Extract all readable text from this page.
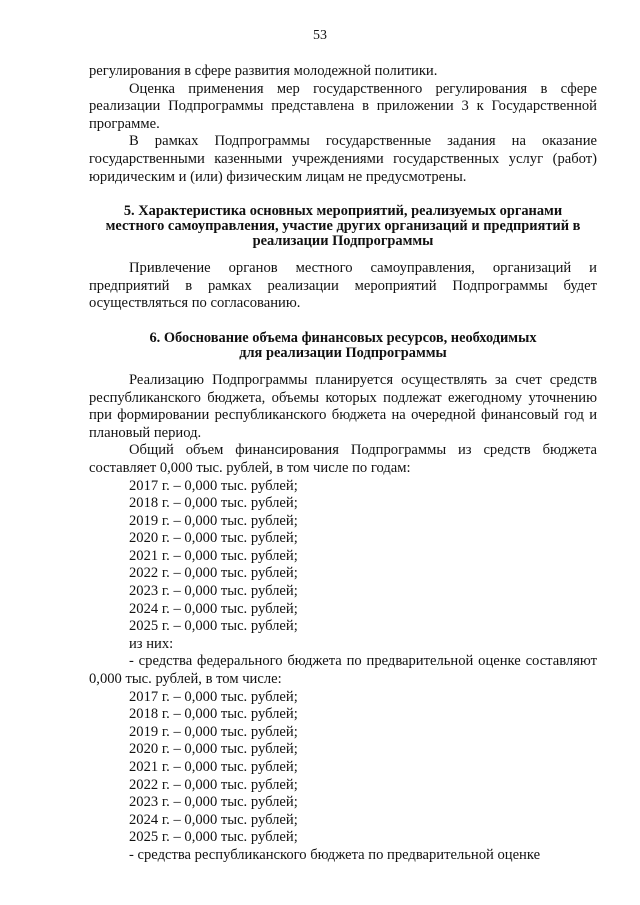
53

регулирования в сфере развития молодежной политики.

Оценка применения мер государственного регулирования в сфере реализации Подпрограммы представлена в приложении 3 к Государственной программе.

В рамках Подпрограммы государственные задания на оказание государственными казенными учреждениями государственных услуг (работ) юридическим и (или) физическим лицам не предусмотрены.

5. Характеристика основных мероприятий, реализуемых органами

местного самоуправления, участие других организаций и предприятий в

реализации Подпрограммы

Привлечение органов местного самоуправления, организаций и предприятий в рамках реализации мероприятий Подпрограммы будет осуществляться по согласованию.

6. Обоснование объема финансовых ресурсов, необходимых

для реализации Подпрограммы

Реализацию Подпрограммы планируется осуществлять за счет средств республиканского бюджета, объемы которых подлежат ежегодному уточнению при формировании республиканского бюджета на очередной финансовый год и плановый период.

Общий объем финансирования Подпрограммы из средств бюджета составляет 0,000 тыс. рублей, в том числе по годам:

2017 г. – 0,000 тыс. рублей;

2018 г. – 0,000 тыс. рублей;

2019 г. – 0,000 тыс. рублей;

2020 г. – 0,000 тыс. рублей;

2021 г. – 0,000 тыс. рублей;

2022 г. – 0,000 тыс. рублей;

2023 г. – 0,000 тыс. рублей;

2024 г. – 0,000 тыс. рублей;

2025 г. – 0,000 тыс. рублей;

из них:

- средства федерального бюджета по предварительной оценке составляют 0,000 тыс. рублей, в том числе:

2017 г. – 0,000 тыс. рублей;

2018 г. – 0,000 тыс. рублей;

2019 г. – 0,000 тыс. рублей;

2020 г. – 0,000 тыс. рублей;

2021 г. – 0,000 тыс. рублей;

2022 г. – 0,000 тыс. рублей;

2023 г. – 0,000 тыс. рублей;

2024 г. – 0,000 тыс. рублей;

2025 г. – 0,000 тыс. рублей;

- средства республиканского бюджета по предварительной оценке
